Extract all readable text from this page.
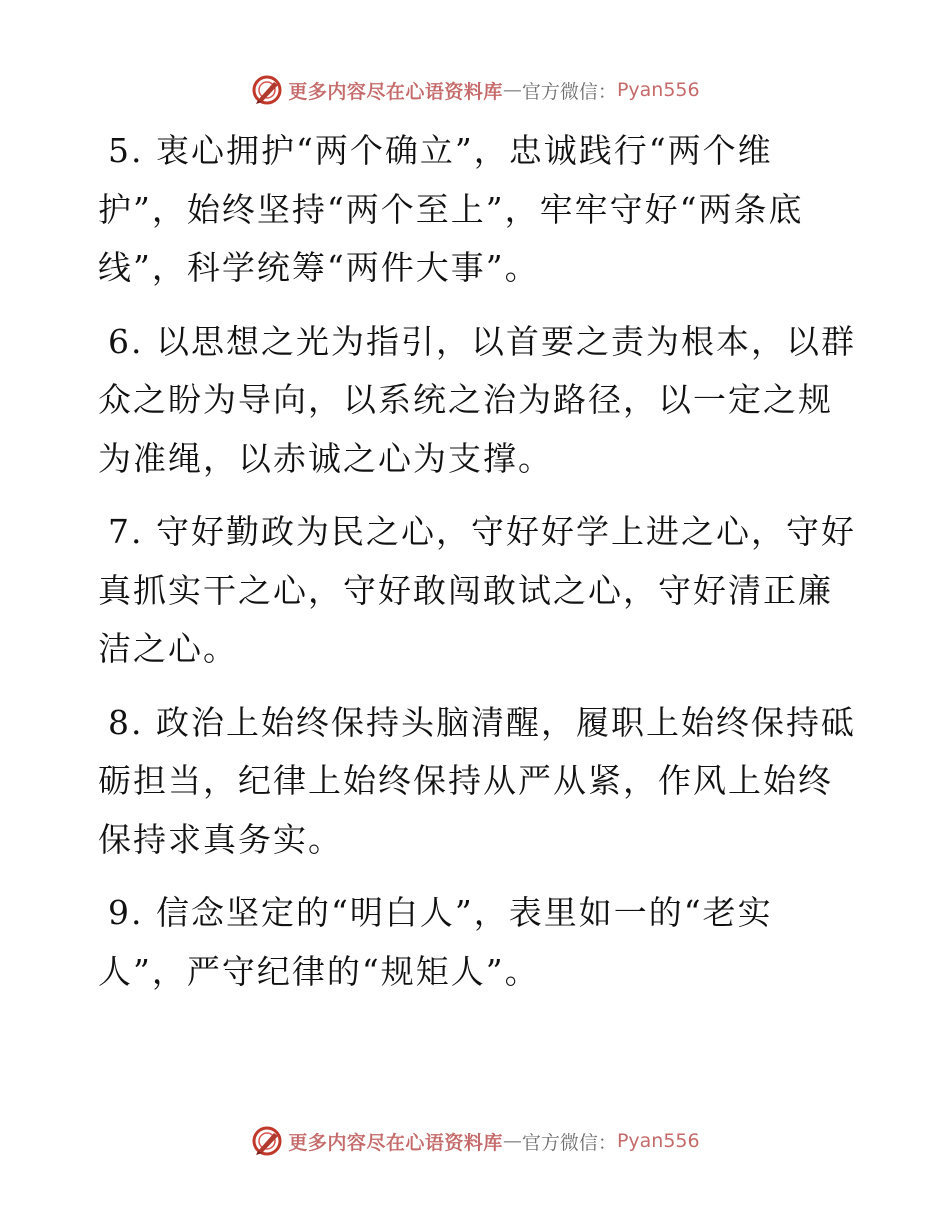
更多内容尽在心语资料库 — 官方微信： Pyan556

5. 衷心拥护“两个确立”，忠诚践行“两个维护”，始终坚持“两个至上”，牢牢守好“两条底线”，科学统筹“两件大事”。

6. 以思想之光为指引，以首要之责为根本，以群众之盼为导向，以系统之治为路径，以一定之规为准绳，以赤诚之心为支撑。

7. 守好勤政为民之心，守好好学上进之心，守好真抓实干之心，守好敢闯敢试之心，守好清正廉洁之心。

8. 政治上始终保持头脑清醒，履职上始终保持砥砺担当，纪律上始终保持从严从紧，作风上始终保持求真务实。

9. 信念坚定的“明白人”，表里如一的“老实人”，严守纪律的“规矩人”。

更多内容尽在心语资料库 — 官方微信： Pyan556
